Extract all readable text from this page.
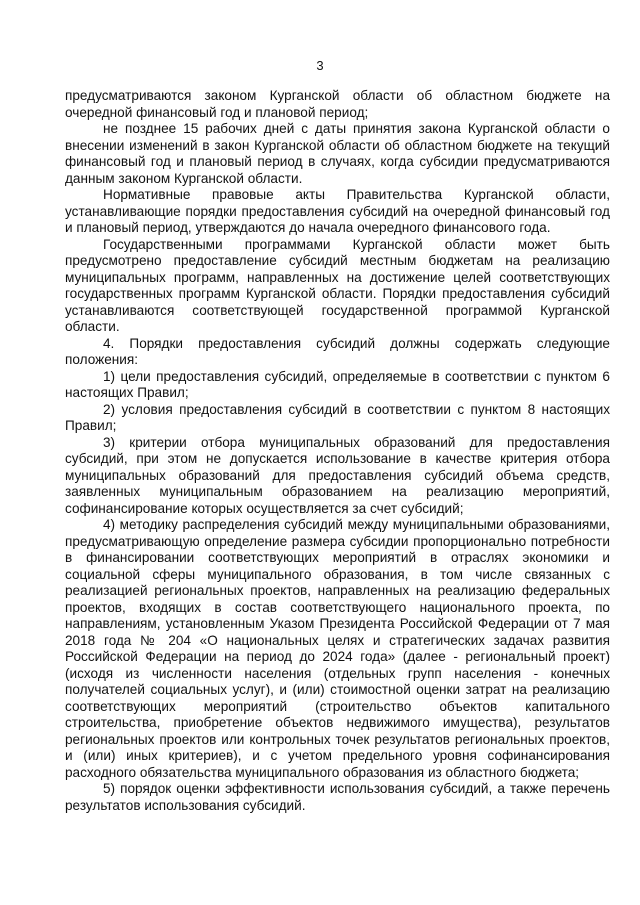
3

предусматриваются законом Курганской области об областном бюджете на очередной финансовый год и плановой период;

не позднее 15 рабочих дней с даты принятия закона Курганской области о внесении изменений в закон Курганской области об областном бюджете на текущий финансовый год и плановый период в случаях, когда субсидии предусматриваются данным законом Курганской области.

Нормативные правовые акты Правительства Курганской области, устанавливающие порядки предоставления субсидий на очередной финансовый год и плановый период, утверждаются до начала очередного финансового года.

Государственными программами Курганской области может быть предусмотрено предоставление субсидий местным бюджетам на реализацию муниципальных программ, направленных на достижение целей соответствующих государственных программ Курганской области. Порядки предоставления субсидий устанавливаются соответствующей государственной программой Курганской области.

4. Порядки предоставления субсидий должны содержать следующие положения:

1) цели предоставления субсидий, определяемые в соответствии с пунктом 6 настоящих Правил;

2) условия предоставления субсидий в соответствии с пунктом 8 настоящих Правил;

3) критерии отбора муниципальных образований для предоставления субсидий, при этом не допускается использование в качестве критерия отбора муниципальных образований для предоставления субсидий объема средств, заявленных муниципальным образованием на реализацию мероприятий, софинансирование которых осуществляется за счет субсидий;

4) методику распределения субсидий между муниципальными образованиями, предусматривающую определение размера субсидии пропорционально потребности в финансировании соответствующих мероприятий в отраслях экономики и социальной сферы муниципального образования, в том числе связанных с реализацией региональных проектов, направленных на реализацию федеральных проектов, входящих в состав соответствующего национального проекта, по направлениям, установленным Указом Президента Российской Федерации от 7 мая 2018 года № 204 «О национальных целях и стратегических задачах развития Российской Федерации на период до 2024 года» (далее - региональный проект) (исходя из численности населения (отдельных групп населения - конечных получателей социальных услуг), и (или) стоимостной оценки затрат на реализацию соответствующих мероприятий (строительство объектов капитального строительства, приобретение объектов недвижимого имущества), результатов региональных проектов или контрольных точек результатов региональных проектов, и (или) иных критериев), и с учетом предельного уровня софинансирования расходного обязательства муниципального образования из областного бюджета;

5) порядок оценки эффективности использования субсидий, а также перечень результатов использования субсидий.
